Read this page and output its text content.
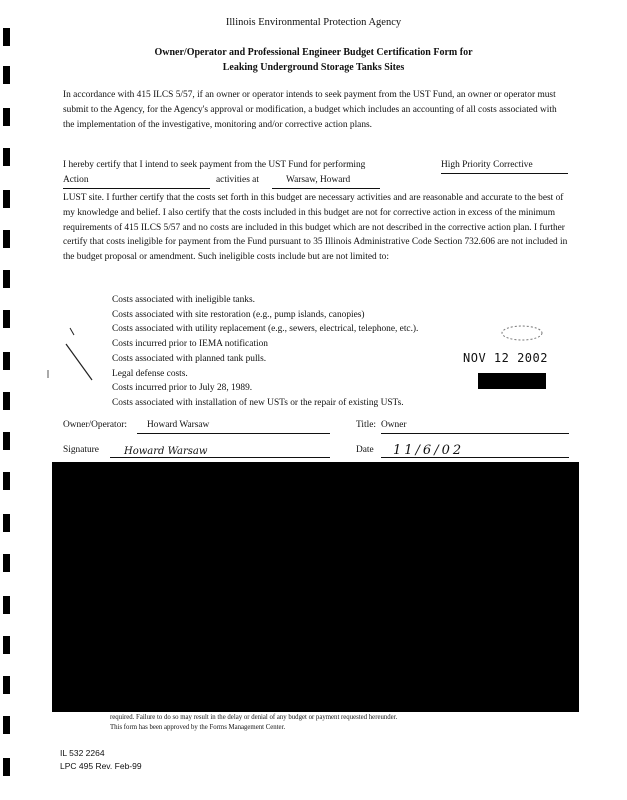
Illinois Environmental Protection Agency
Owner/Operator and Professional Engineer Budget Certification Form for
Leaking Underground Storage Tanks Sites
In accordance with 415 ILCS 5/57, if an owner or operator intends to seek payment from the UST Fund, an owner or operator must submit to the Agency, for the Agency's approval or modification, a budget which includes an accounting of all costs associated with the implementation of the investigative, monitoring and/or corrective action plans.
I hereby certify that I intend to seek payment from the UST Fund for performing	High Priority Corrective
Action	activities at	Warsaw, Howard
LUST site. I further certify that the costs set forth in this budget are necessary activities and are reasonable and accurate to the best of my knowledge and belief. I also certify that the costs included in this budget are not for corrective action in excess of the minimum requirements of 415 ILCS 5/57 and no costs are included in this budget which are not described in the corrective action plan. I further certify that costs ineligible for payment from the Fund pursuant to 35 Illinois Administrative Code Section 732.606 are not included in the budget proposal or amendment. Such ineligible costs include but are not limited to:
Costs associated with ineligible tanks.
Costs associated with site restoration (e.g., pump islands, canopies)
Costs associated with utility replacement (e.g., sewers, electrical, telephone, etc.).
Costs incurred prior to IEMA notification
Costs associated with planned tank pulls.
Legal defense costs.
Costs incurred prior to July 28, 1989.
Costs associated with installation of new USTs or the repair of existing USTs.
NOV 12 2002
Owner/Operator:	Howard Warsaw	Title: Owner
Signature	Howard Warsaw	Date	11/6/02
required. Failure to do so may result in the delay or denial of any budget or payment requested hereunder.
This form has been approved by the Forms Management Center.
IL 532 2264
LPC 495 Rev. Feb-99
